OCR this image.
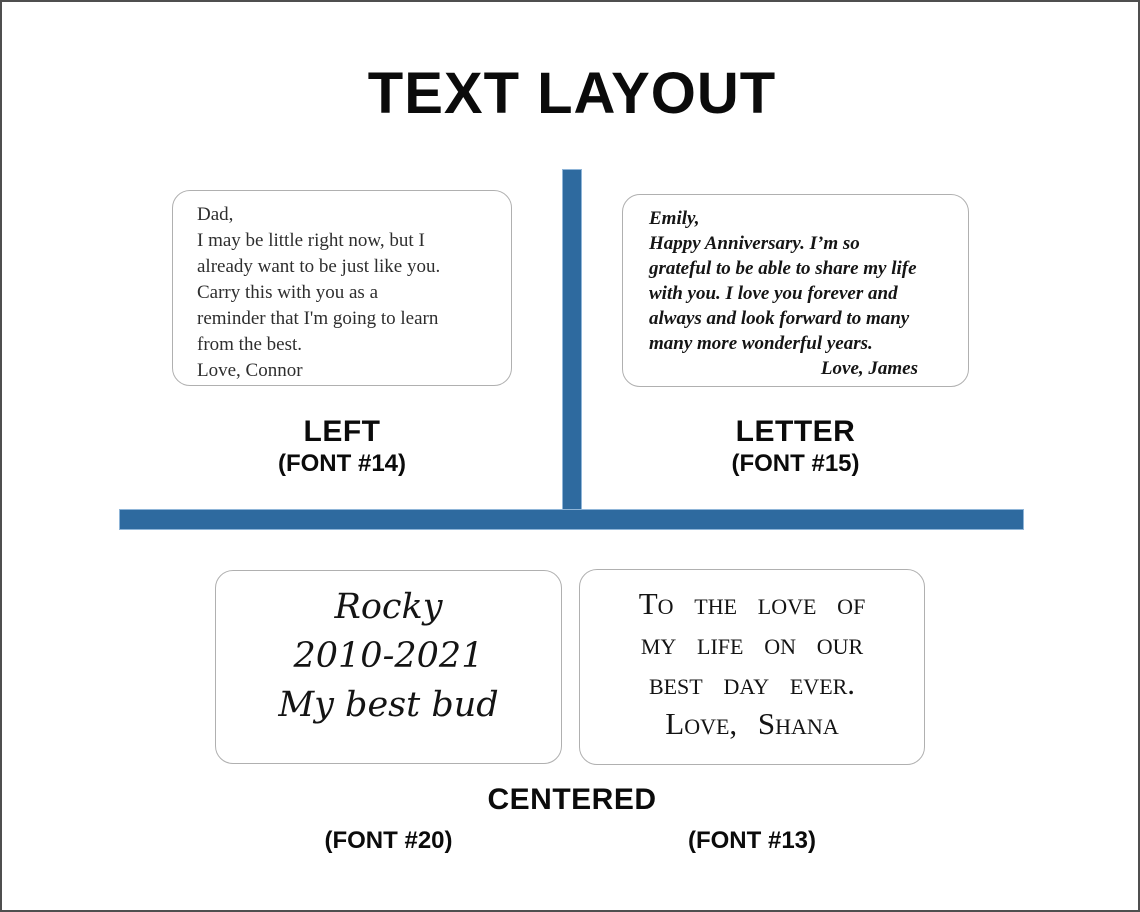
TEXT LAYOUT
Dad,
I may be little right now, but I
already want to be just like you.
Carry this with you as a
reminder that I'm going to learn
from the best.
Love, Connor
Emily,
Happy Anniversary. I’m so
grateful to be able to share my life
with you. I love you forever and
always and look forward to many
many more wonderful years.
Love, James
LEFT
(FONT #14)
LETTER
(FONT #15)
Rocky
2010-2021
My best bud
To the love of
my life on our
best day ever.
Love, Shana
CENTERED
(FONT #20)	(FONT #13)
